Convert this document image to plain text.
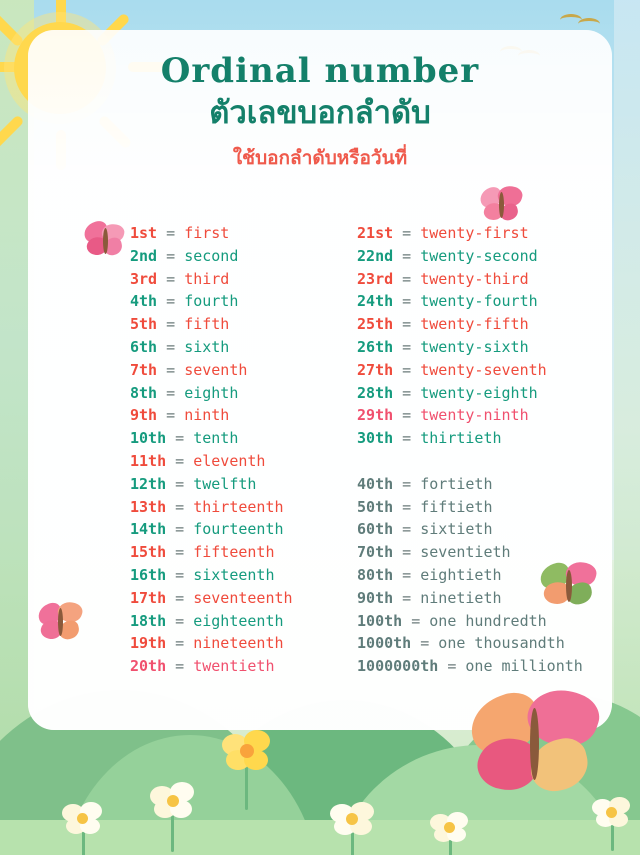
Ordinal number
ตัวเลขบอกลำดับ
ใช้บอกลำดับหรือวันที่
1st = first
2nd = second
3rd = third
4th = fourth
5th = fifth
6th = sixth
7th = seventh
8th = eighth
9th = ninth
10th = tenth
11th = eleventh
12th = twelfth
13th = thirteenth
14th = fourteenth
15th = fifteenth
16th = sixteenth
17th = seventeenth
18th = eighteenth
19th = nineteenth
20th = twentieth
21st = twenty-first
22nd = twenty-second
23rd = twenty-third
24th = twenty-fourth
25th = twenty-fifth
26th = twenty-sixth
27th = twenty-seventh
28th = twenty-eighth
29th = twenty-ninth
30th = thirtieth
40th = fortieth
50th = fiftieth
60th = sixtieth
70th = seventieth
80th = eightieth
90th = ninetieth
100th = one hundredth
1000th = one thousandth
1000000th = one millionth
